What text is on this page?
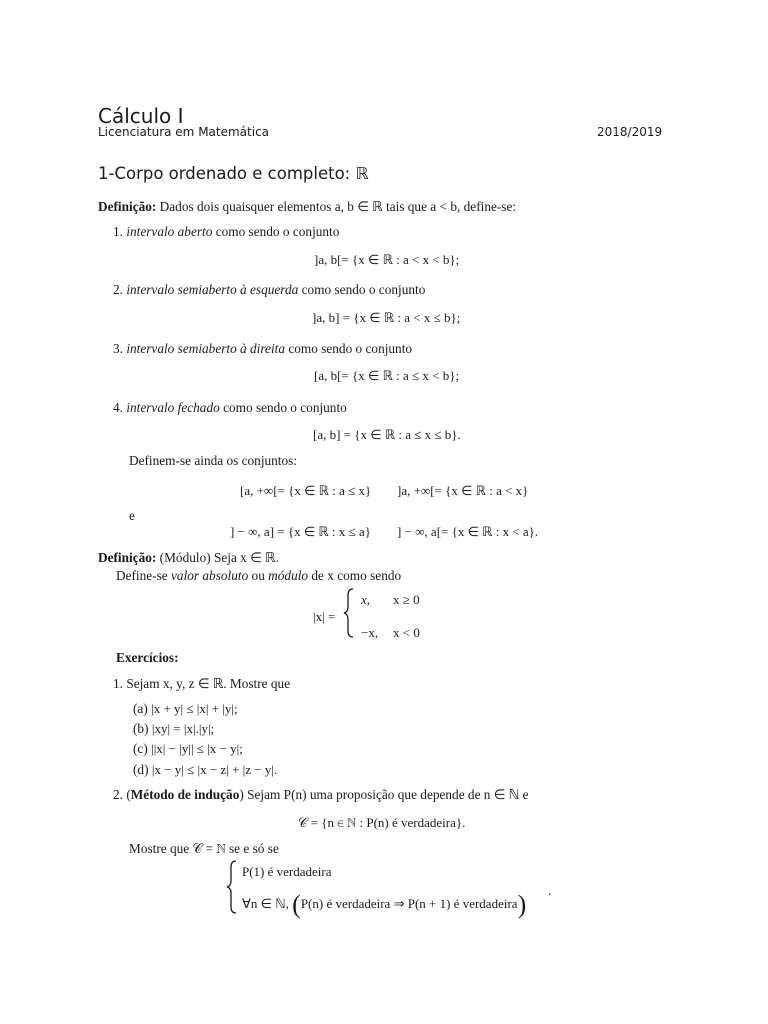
Cálculo I
Licenciatura em Matemática	2018/2019
1-Corpo ordenado e completo: ℝ
Definição: Dados dois quaisquer elementos a, b ∈ ℝ tais que a < b, define-se:
1. intervalo aberto como sendo o conjunto
]a, b[= {x ∈ ℝ : a < x < b};
2. intervalo semiaberto à esquerda como sendo o conjunto
]a, b] = {x ∈ ℝ : a < x ≤ b};
3. intervalo semiaberto à direita como sendo o conjunto
[a, b[= {x ∈ ℝ : a ≤ x < b};
4. intervalo fechado como sendo o conjunto
[a, b] = {x ∈ ℝ : a ≤ x ≤ b}.
Definem-se ainda os conjuntos:
[a, +∞[= {x ∈ ℝ : a ≤ x} ]a, +∞[= {x ∈ ℝ : a < x}
e
] − ∞, a] = {x ∈ ℝ : x ≤ a} ] − ∞, a[= {x ∈ ℝ : x < a}.
Definição: (Módulo) Seja x ∈ ℝ.
Define-se valor absoluto ou módulo de x como sendo
|x| =
x, x ≥ 0
−x, x < 0
Exercícios:
1. Sejam x, y, z ∈ ℝ. Mostre que
(a) |x + y| ≤ |x| + |y|;
(b) |xy| = |x|.|y|;
(c) ||x| − |y|| ≤ |x − y|;
(d) |x − y| ≤ |x − z| + |z − y|.
2. (Método de indução) Sejam P(n) uma proposição que depende de n ∈ ℕ e
𝒞 = {n ∈ ℕ : P(n) é verdadeira}.
Mostre que 𝒞 = ℕ se e só se
P(1) é verdadeira
∀n ∈ ℕ, (P(n) é verdadeira ⇒ P(n + 1) é verdadeira) .
